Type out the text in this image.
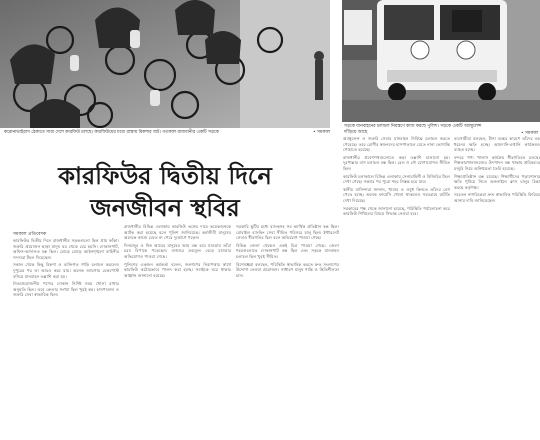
করোনাভাইরাস ঠেকাতে সারা দেশে কারফিউ চলছে। কারফিউয়ের মধ্যে রাস্তায় রিকশার জট। গতকাল রাজধানীর একটি সড়কে	• সমকাল
সড়কে যানবাহনের চলাচল নিয়ন্ত্রণে কাজ করছে পুলিশ। সড়কে একটি অ্যাম্বুলেন্স দাঁড়িয়ে আছে	• সমকাল
কারফিউর দ্বিতীয় দিনে
জনজীবন স্থবির
সমকাল প্রতিবেদক

কারফিউর দ্বিতীয় দিনে রাজধানীর সড়কগুলো ছিল প্রায় ফাঁকা। জরুরি প্রয়োজন ছাড়া মানুষ ঘর থেকে বের হয়নি। দোকানপাট, অফিস-আদালত বন্ধ ছিল। মোড়ে মোড়ে আইনশৃঙ্খলা বাহিনীর সদস্যরা টহল দিয়েছেন।

সকাল থেকে কিছু রিকশা ও ব্যক্তিগত গাড়ি চলাচল করলেও দুপুরের পর তা আরও কমে যায়। অনেক জায়গায় চেকপোস্ট বসিয়ে যানবাহন তল্লাশি করা হয়।

নিত্যপ্রয়োজনীয় পণ্যের দোকান নির্দিষ্ট সময় খোলা রাখার অনুমতি ছিল। তবে ক্রেতার সংখ্যা ছিল খুবই কম। হাসপাতাল ও জরুরি সেবা স্বাভাবিক ছিল।

রাজধানীর বিভিন্ন এলাকায় কারফিউ ভঙ্গের দায়ে কয়েকজনকে আটক করা হয়েছে বলে পুলিশ জানিয়েছে। কর্মজীবী মানুষের অনেকে কাজে যেতে না পেরে দুর্ভোগে পড়েন।

দিনমজুর ও নিম্ন আয়ের মানুষের আয় বন্ধ হয়ে যাওয়ায় তাঁরা চরম বিপাকে পড়েছেন। বাজারে দ্রব্যমূল্য বেড়ে যাওয়ার অভিযোগও পাওয়া গেছে।

পুলিশের একজন কর্মকর্তা বলেন, জনগণের নিরাপত্তার স্বার্থে কারফিউ কঠোরভাবে পালন করা হচ্ছে। সবাইকে ঘরে থাকার আহ্বান জানানো হয়েছে।

সরকারি ছুটির মধ্যে ব্যাংকসহ সব আর্থিক প্রতিষ্ঠান বন্ধ ছিল। মোবাইল ব্যাংকিং সেবা সীমিত পরিসরে চালু ছিল। ইন্টারনেট সেবাও ধীরগতির ছিল বলে অভিযোগ পাওয়া গেছে।

বিভিন্ন জেলা থেকেও একই চিত্র পাওয়া গেছে। জেলা শহরগুলোতে দোকানপাট বন্ধ ছিল এবং সড়কে যানবাহন চলাচল ছিল খুবই সীমিত।

বিশেষজ্ঞরা বলছেন, পরিস্থিতি স্বাভাবিক করতে দ্রুত সংলাপের উদ্যোগ নেওয়া প্রয়োজন। সাধারণ মানুষ শান্তি ও স্থিতিশীলতা চান।

অ্যাম্বুলেন্স ও জরুরি সেবার যানবাহন নির্বিঘ্নে চলাচল করতে পেরেছে। তবে রোগীর স্বজনদের হাসপাতালে যেতে নানা ভোগান্তি পোহাতে হয়েছে।

রাজধানীর প্রবেশপথগুলোতে কড়া তল্লাশি চালানো হয়। দূরপাল্লার বাস চলাচল বন্ধ ছিল। রেল ও নৌ যোগাযোগও সীমিত ছিল।

কারফিউ চলাকালে বিভিন্ন এলাকায় সেনাবাহিনী ও বিজিবির টহল দেখা গেছে। সন্ধ্যার পর পুরো শহর নিস্তব্ধ হয়ে যায়।

স্থানীয় বাসিন্দারা জানান, খাবার ও ওষুধ কিনতে তাঁদের বেগ পেতে হচ্ছে। অনেক ফার্মেসি খোলা থাকলেও সরবরাহে ঘাটতি দেখা দিয়েছে।

সরকারের পক্ষ থেকে জানানো হয়েছে, পরিস্থিতি পর্যালোচনা করে কারফিউ শিথিলের বিষয়ে সিদ্ধান্ত নেওয়া হবে।

ব্যবসায়ীরা বলছেন, টানা বন্ধের কারণে তাঁদের বড় ধরনের ক্ষতি হচ্ছে। আমদানি-রপ্তানি কার্যক্রমও ব্যাহত হচ্ছে।

বন্দরে পণ্য খালাস কার্যক্রম ধীরগতিতে চলছে। শিল্পকারখানাগুলোর উৎপাদন বন্ধ থাকায় শ্রমিকদের মজুরি নিয়ে অনিশ্চয়তা তৈরি হয়েছে।

শিক্ষাপ্রতিষ্ঠান বন্ধ রয়েছে। শিক্ষার্থীদের পড়াশোনার ক্ষতি পুষিয়ে নিতে অনলাইনে ক্লাস চালুর চিন্তা করছে কর্তৃপক্ষ।

সচেতন নাগরিকেরা দ্রুত স্বাভাবিক পরিস্থিতি ফিরিয়ে আনার দাবি জানিয়েছেন।
